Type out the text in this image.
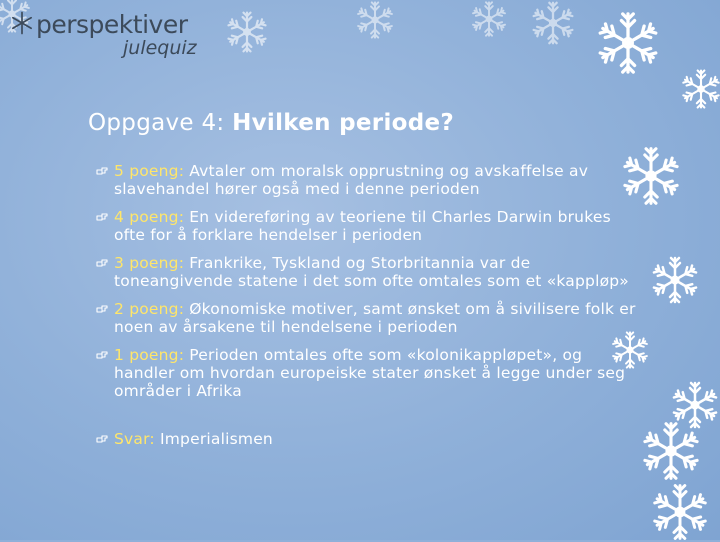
perspektiver
julequiz
Oppgave 4: Hvilken periode?
5 poeng: Avtaler om moralsk opprustning og avskaffelse av slavehandel hører også med i denne perioden
4 poeng: En videreføring av teoriene til Charles Darwin brukes ofte for å forklare hendelser i perioden
3 poeng: Frankrike, Tyskland og Storbritannia var de toneangivende statene i det som ofte omtales som et «kappløp»
2 poeng: Økonomiske motiver, samt ønsket om å sivilisere folk er noen av årsakene til hendelsene i perioden
1 poeng: Perioden omtales ofte som «kolonikappløpet», og handler om hvordan europeiske stater ønsket å legge under seg områder i Afrika
Svar: Imperialismen
